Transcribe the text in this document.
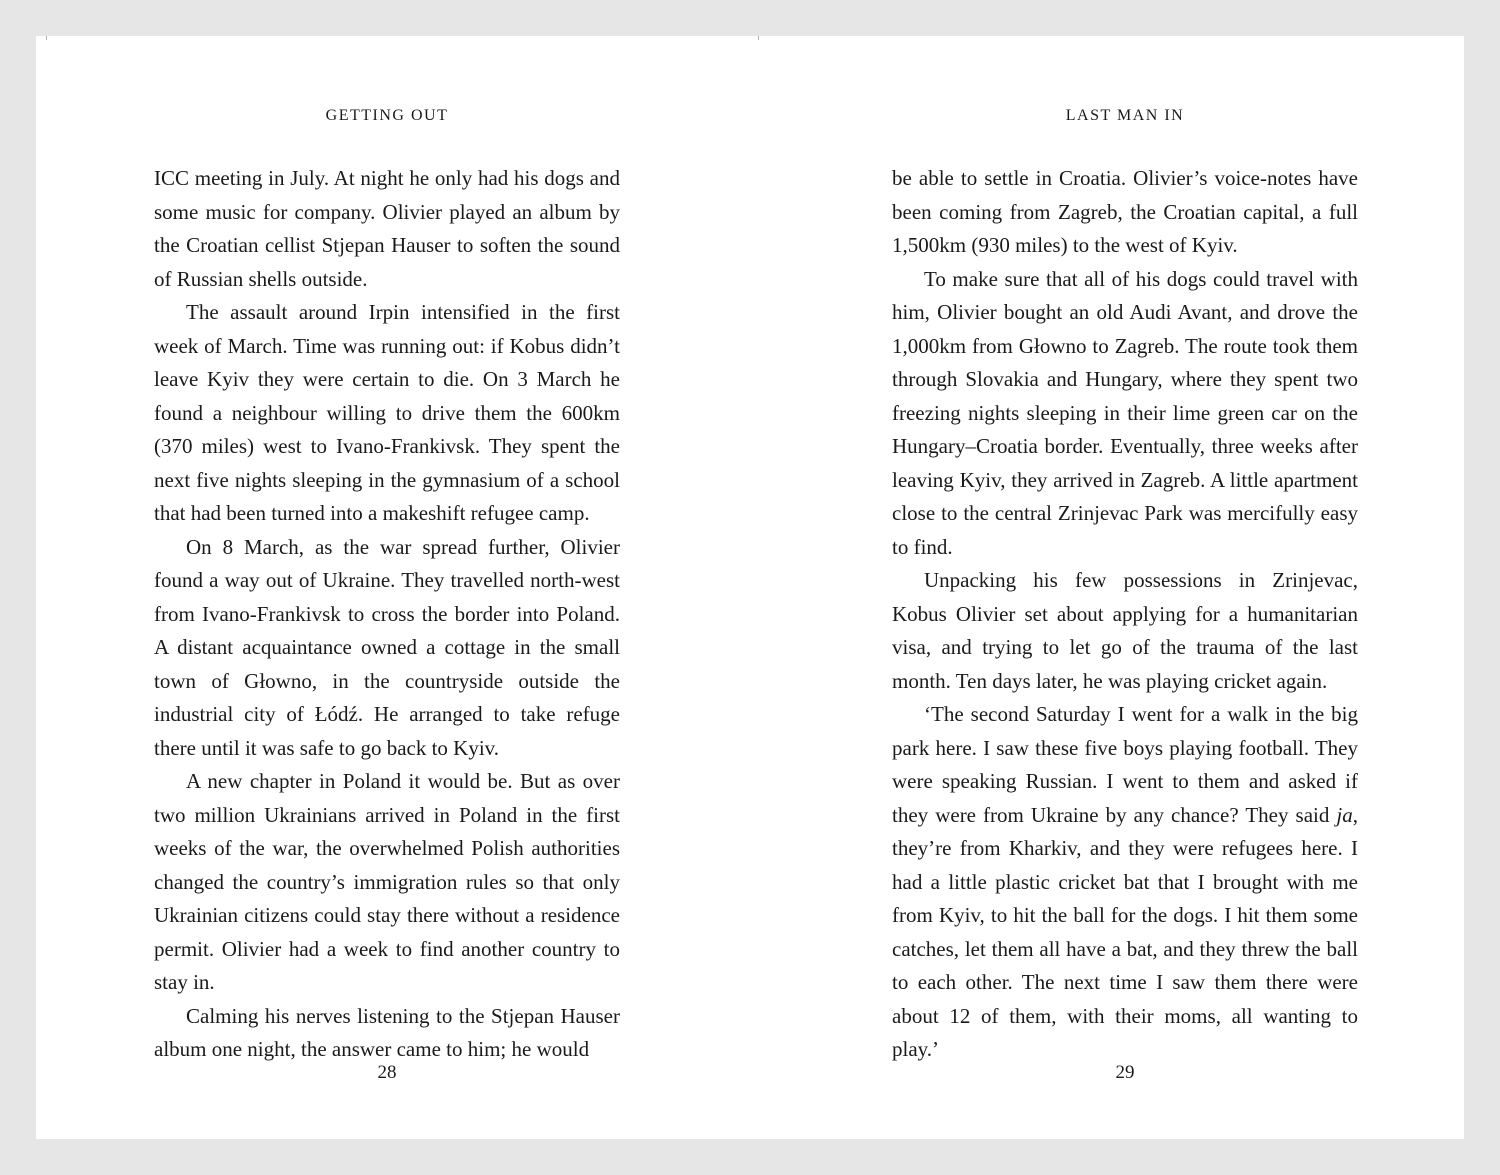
GETTING OUT

ICC meeting in July. At night he only had his dogs and some music for company. Olivier played an album by the Croatian cellist Stjepan Hauser to soften the sound of Russian shells outside.

The assault around Irpin intensified in the first week of March. Time was running out: if Kobus didn’t leave Kyiv they were certain to die. On 3 March he found a neighbour willing to drive them the 600km (370 miles) west to Ivano-Frankivsk. They spent the next five nights sleeping in the gymnasium of a school that had been turned into a makeshift refugee camp.

On 8 March, as the war spread further, Olivier found a way out of Ukraine. They travelled north-west from Ivano-Frankivsk to cross the border into Poland. A distant acquaintance owned a cottage in the small town of Głowno, in the countryside outside the industrial city of Łódź. He arranged to take refuge there until it was safe to go back to Kyiv.

A new chapter in Poland it would be. But as over two million Ukrainians arrived in Poland in the first weeks of the war, the overwhelmed Polish authorities changed the country’s immigration rules so that only Ukrainian citizens could stay there without a residence permit. Olivier had a week to find another country to stay in.

Calming his nerves listening to the Stjepan Hauser album one night, the answer came to him; he would

28
LAST MAN IN

be able to settle in Croatia. Olivier’s voice-notes have been coming from Zagreb, the Croatian capital, a full 1,500km (930 miles) to the west of Kyiv.

To make sure that all of his dogs could travel with him, Olivier bought an old Audi Avant, and drove the 1,000km from Głowno to Zagreb. The route took them through Slovakia and Hungary, where they spent two freezing nights sleeping in their lime green car on the Hungary–Croatia border. Eventually, three weeks after leaving Kyiv, they arrived in Zagreb. A little apartment close to the central Zrinjevac Park was mercifully easy to find.

Unpacking his few possessions in Zrinjevac, Kobus Olivier set about applying for a humanitarian visa, and trying to let go of the trauma of the last month. Ten days later, he was playing cricket again.

‘The second Saturday I went for a walk in the big park here. I saw these five boys playing football. They were speaking Russian. I went to them and asked if they were from Ukraine by any chance? They said ja, they’re from Kharkiv, and they were refugees here. I had a little plastic cricket bat that I brought with me from Kyiv, to hit the ball for the dogs. I hit them some catches, let them all have a bat, and they threw the ball to each other. The next time I saw them there were about 12 of them, with their moms, all wanting to play.’

29
